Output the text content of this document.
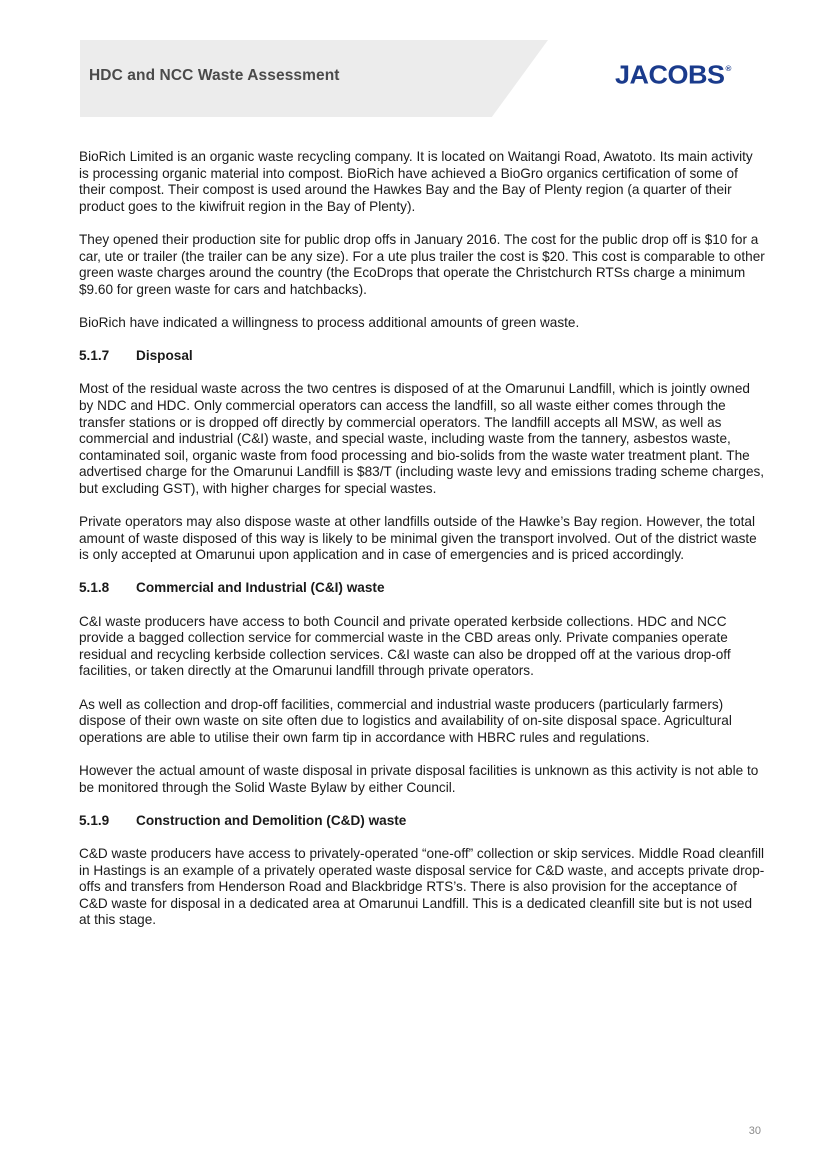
HDC and NCC Waste Assessment	JACOBS®

BioRich Limited is an organic waste recycling company. It is located on Waitangi Road, Awatoto. Its main activity is processing organic material into compost. BioRich have achieved a BioGro organics certification of some of their compost. Their compost is used around the Hawkes Bay and the Bay of Plenty region (a quarter of their product goes to the kiwifruit region in the Bay of Plenty).

They opened their production site for public drop offs in January 2016. The cost for the public drop off is $10 for a car, ute or trailer (the trailer can be any size). For a ute plus trailer the cost is $20. This cost is comparable to other green waste charges around the country (the EcoDrops that operate the Christchurch RTSs charge a minimum $9.60 for green waste for cars and hatchbacks).

BioRich have indicated a willingness to process additional amounts of green waste.

5.1.7 Disposal

Most of the residual waste across the two centres is disposed of at the Omarunui Landfill, which is jointly owned by NDC and HDC. Only commercial operators can access the landfill, so all waste either comes through the transfer stations or is dropped off directly by commercial operators. The landfill accepts all MSW, as well as commercial and industrial (C&I) waste, and special waste, including waste from the tannery, asbestos waste, contaminated soil, organic waste from food processing and bio-solids from the waste water treatment plant. The advertised charge for the Omarunui Landfill is $83/T (including waste levy and emissions trading scheme charges, but excluding GST), with higher charges for special wastes.

Private operators may also dispose waste at other landfills outside of the Hawke’s Bay region. However, the total amount of waste disposed of this way is likely to be minimal given the transport involved. Out of the district waste is only accepted at Omarunui upon application and in case of emergencies and is priced accordingly.

5.1.8 Commercial and Industrial (C&I) waste

C&I waste producers have access to both Council and private operated kerbside collections. HDC and NCC provide a bagged collection service for commercial waste in the CBD areas only. Private companies operate residual and recycling kerbside collection services. C&I waste can also be dropped off at the various drop-off facilities, or taken directly at the Omarunui landfill through private operators.

As well as collection and drop-off facilities, commercial and industrial waste producers (particularly farmers) dispose of their own waste on site often due to logistics and availability of on-site disposal space. Agricultural operations are able to utilise their own farm tip in accordance with HBRC rules and regulations.

However the actual amount of waste disposal in private disposal facilities is unknown as this activity is not able to be monitored through the Solid Waste Bylaw by either Council.

5.1.9 Construction and Demolition (C&D) waste

C&D waste producers have access to privately-operated “one-off” collection or skip services. Middle Road cleanfill in Hastings is an example of a privately operated waste disposal service for C&D waste, and accepts private drop-offs and transfers from Henderson Road and Blackbridge RTS’s. There is also provision for the acceptance of C&D waste for disposal in a dedicated area at Omarunui Landfill. This is a dedicated cleanfill site but is not used at this stage.

30
